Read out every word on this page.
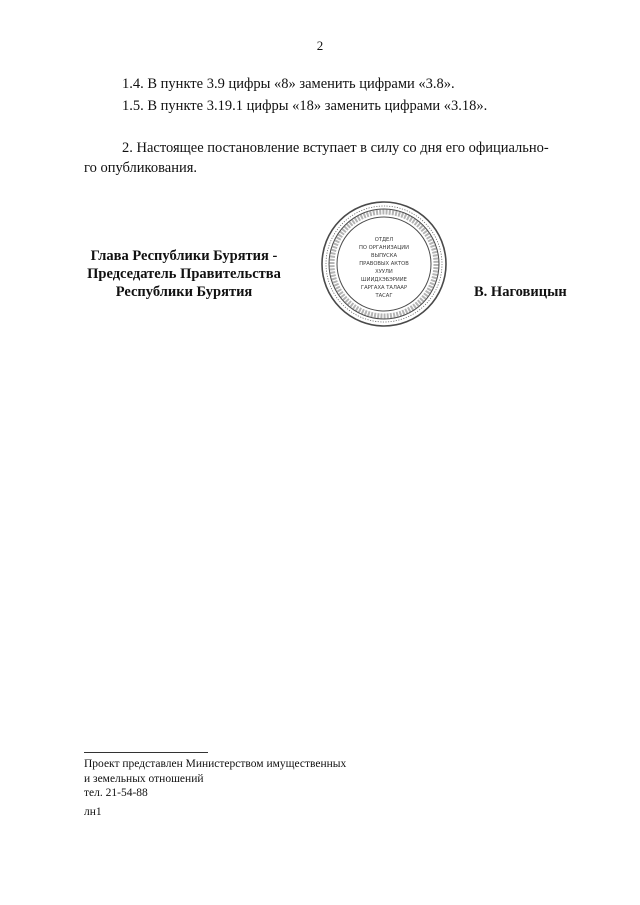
2
1.4. В пункте 3.9 цифры «8» заменить цифрами «3.8».
1.5. В пункте 3.19.1 цифры «18» заменить цифрами «3.18».
2. Настоящее постановление вступает в силу со дня его официально-
го опубликования.
Глава Республики Бурятия -
Председатель Правительства
Республики Бурятия
ОТДЕЛ
ПО ОРГАНИЗАЦИИ
ВЫПУСКА
ПРАВОВЫХ АКТОВ
ХУУЛИ
ШИИДХЭБЭРИИЕ
ГАРГАХА ТАЛААР
ТАСАГ	В. Наговицын
Проект представлен Министерством имущественных
и земельных отношений
тел. 21-54-88
лн1
